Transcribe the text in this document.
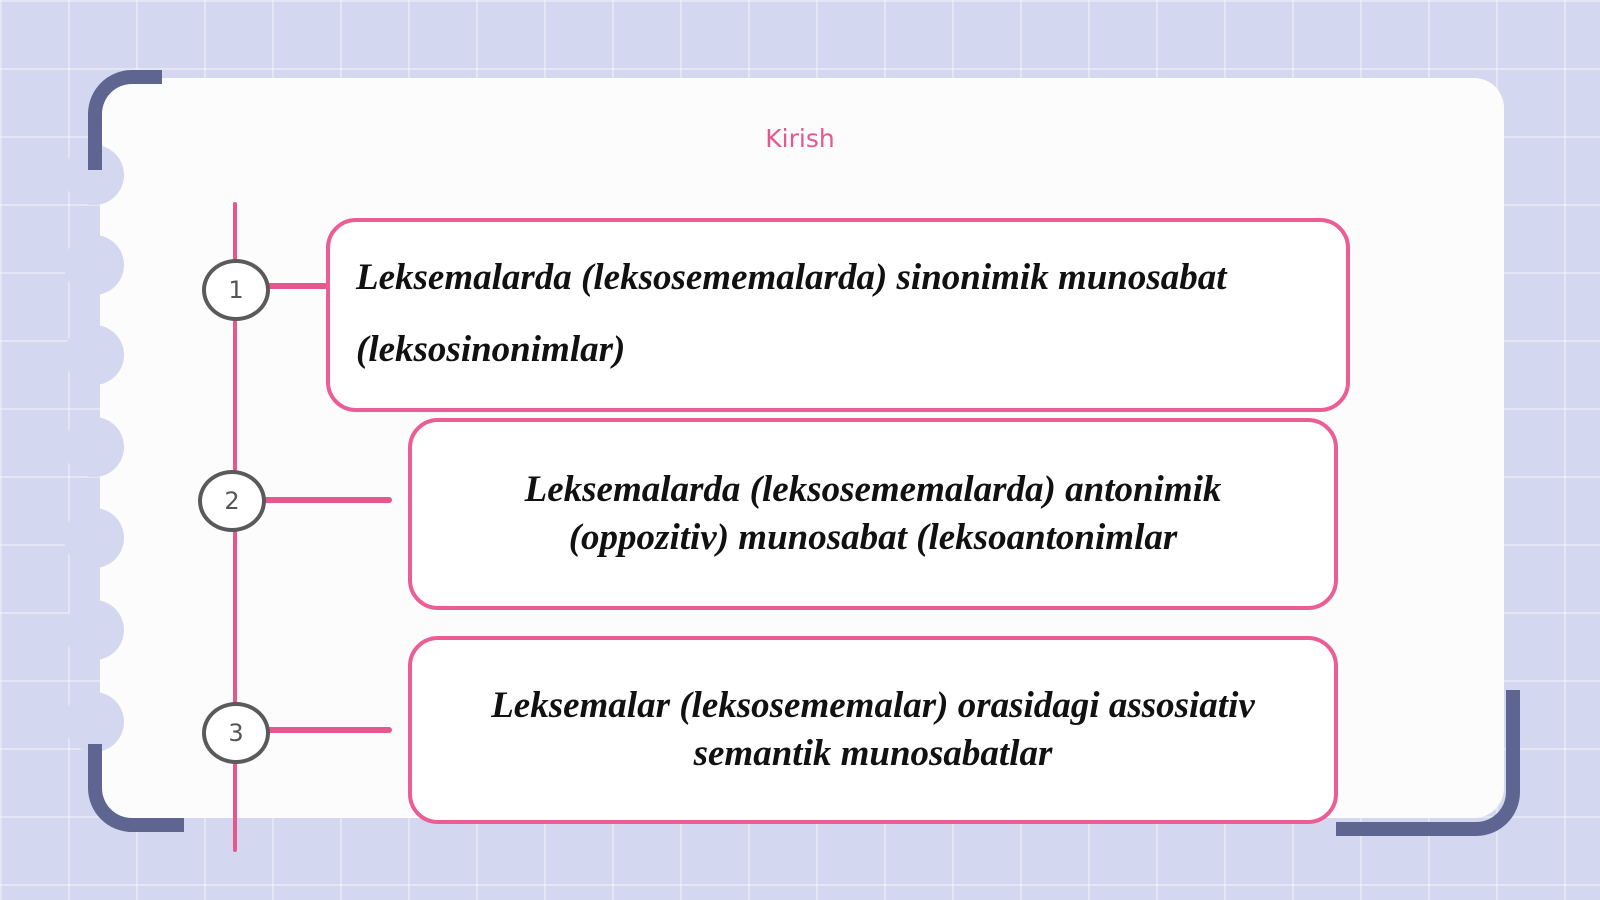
Kirish
1
2
3
Leksemalarda (leksosememalarda) sinonimik munosabat (leksosinonimlar)
Leksemalarda (leksosememalarda) antonimik (oppozitiv) munosabat (leksoantonimlar
Leksemalar (leksosememalar) orasidagi assosiativ semantik munosabatlar
